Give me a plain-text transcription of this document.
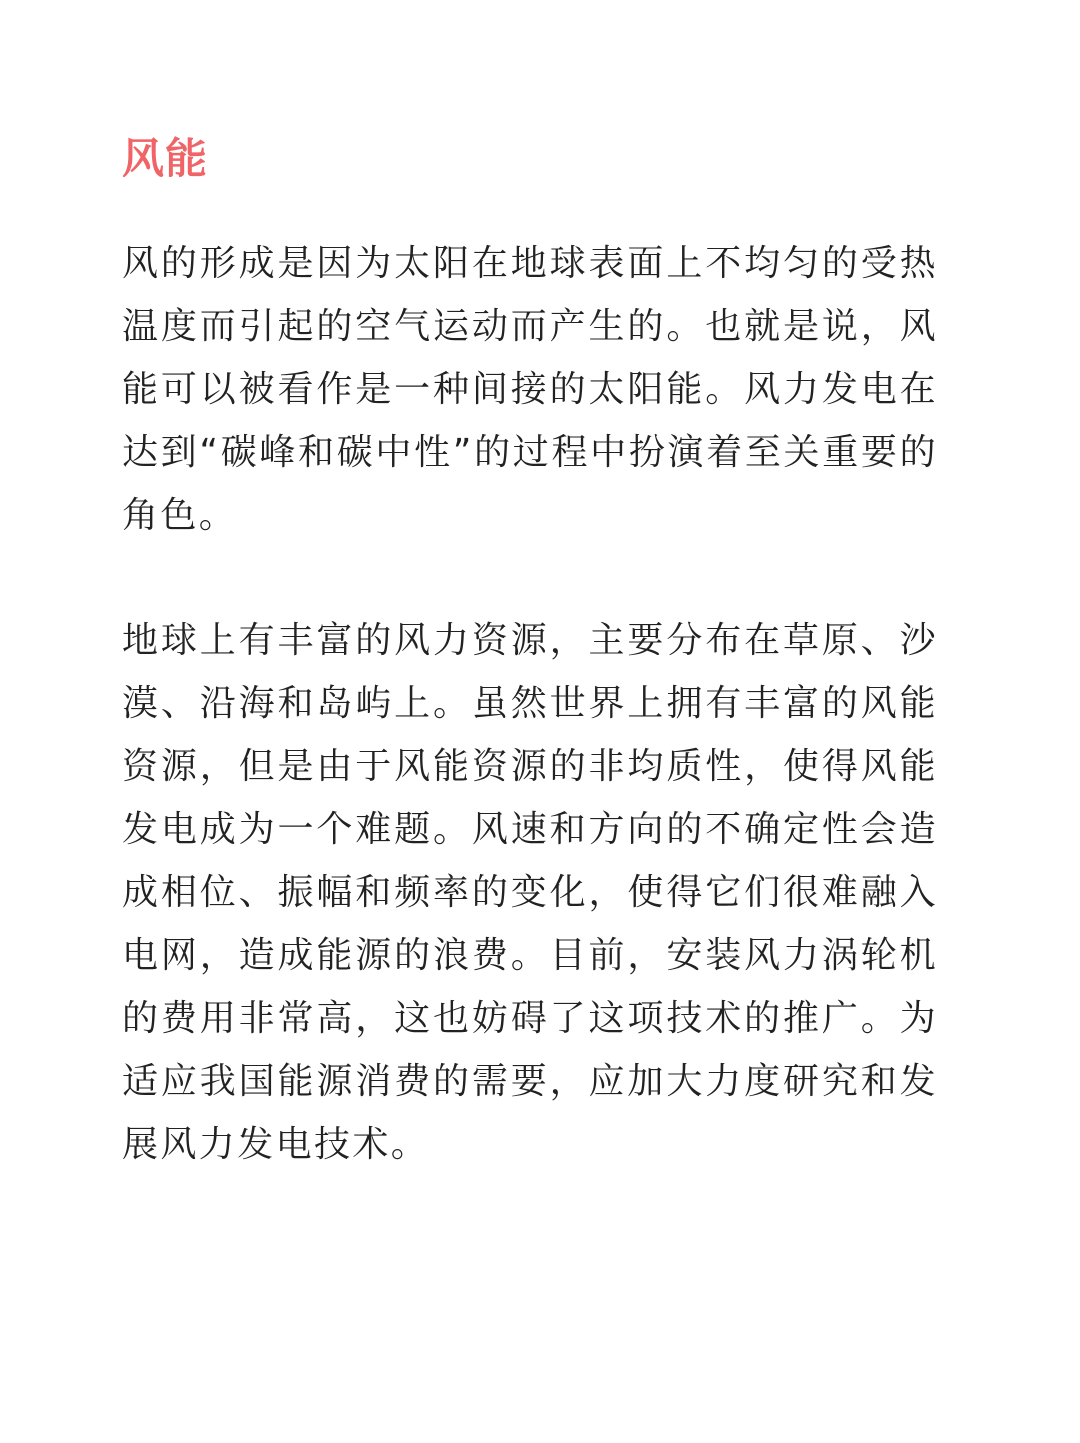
风能

风的形成是因为太阳在地球表面上不均匀的受热温度而引起的空气运动而产生的。也就是说，风能可以被看作是一种间接的太阳能。风力发电在达到“碳峰和碳中性”的过程中扮演着至关重要的角色。

地球上有丰富的风力资源，主要分布在草原、沙漠、沿海和岛屿上。虽然世界上拥有丰富的风能资源，但是由于风能资源的非均质性，使得风能发电成为一个难题。风速和方向的不确定性会造成相位、振幅和频率的变化，使得它们很难融入电网，造成能源的浪费。目前，安装风力涡轮机的费用非常高，这也妨碍了这项技术的推广。为适应我国能源消费的需要，应加大力度研究和发展风力发电技术。
